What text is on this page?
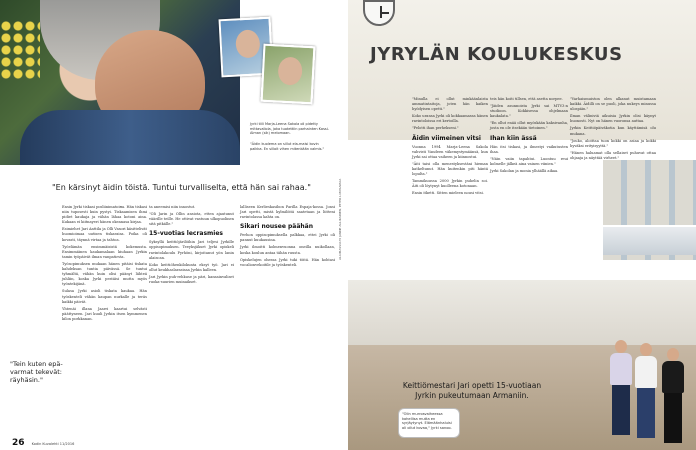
Jyrki tiili Marja-Leena Sakola oli pidetty mittavaliola, joka tuotettiin parhainten Kassi-Alman (sik) melomaan.
"Äidin kuolema on sillut ela-maisi kovin paikka. En silloit vihen mitenkään valmis."
"En kärsinyt äidin töistä. Tuntui turvalliselta, että hän sai rahaa."

Ensin Jyrki tiskasi posliinimatoiна. Hän tiskasi niin tuposesti kuin pystyi. Tiskaamisen ihmi pidiet kaukaja ja vähän lähaa kotoni aina. Kukaan ei kiitnayeri hänen okeanasa kirjaa.

Esimiehet Jari Anttila ja Olli Vasori käsittelivät huomioimaa uutisen tiskaraisa. Poika oli kovasti, täynnä virtaa ja tahtoa.

Työelämän ensimmäisistä kokemusta. Ensimmäinen kaukamalaan kiuhaan Jyrkin tamin työpäivät ilman vanpatirsta.

Työsopimuksen mukaan hänen pitäisi tiskata kahdeksan tuntia päivässä. Se tuntui tyhmältä, vähän kuin olisi päänyt lähteä juhliin, koska Jyrki pestäisi mutta myös työntekijänä.

Sulasa Jyrki asioli tiskata kaukaa. Hän työskenteli vähän kaupan nurkalle ja teräs kaikki päivät.

Yhtenäi illana Jaarri kaartui selvästi päättyneen. Jari kuuli Jyrkin itsen kymmenen kilon porkkanan.

ta aneemisi niin innostut.

"Oli Jarin ja Ollin ansiota, etten ajautunut väärille teille. He ottivat vastuun ulkopuolinen sitä pitkälle."

15-vuotias lecrasmies

Syksyllä keittiöjärilöihin Jari teljesi Jyrkille oppisopimuksen. Teeyksjäkset Jyrki opiskeli ravintolakoulu Pyrhöni, kirjoitanut yön lanin alaiscan.

Koko keittiöhenkilokunta eksyt työ. Jari ei ollut keukhaslarasisaa Jyrkin kalleen.

Jari Jyrkin puh-rehkuse ja päri, kansainvaliset ruoka-suurien muinaikset.

lalliseen Kerlieskasibon Parilla Espaja-kossa. Jonsi Jari opetti, mistä kylmilöitä saatetaan ja liitteni ravintolassa kahta on.

Sikari nousee päähän

Perhon oppisopimuksella palkkaa, ettei Jyrki oli pannut kuukausina.

Jyrki ilmoitti kolmenvuonna oneilla nuikollaan, koska koulun antaa tähän ruusta.

Opiskelujen ohessa Jyrki tuki töitä. Hän kohtasi vocalionvekoitile ja työskenteli.

"Tein kuten epä-varmat tekevät: räyhäsin."
26 Kodin Kuvalehti 11/2016
ALAIMASSULTII JANNE ALLIKAINEN, PETER LUMISAMAA
JYRYLÄN KOULUKESKUS

"Minulla ei ollut minkäänlaista ammatintaitoja, joten hän kaiken hyödyisen opetti."

Koko uransa Jyrki oli kokkaamassa hänen ravintoloissa eri kertoilla.

"Pelotti ihan perhekseni."

Äidin viimeinen vitsi

Vuonna 1994 Marja-Leena Sakola vahvisti Vandeen väkemystymäänsä, kun Jyrki sai ottaa vaiheen ja kiinnostui.

"Äiti taisi olla menestyksestäni hieman katkeltunut. Hän kuitenkin piti häntä lopulta."

Tammikuussa 2000 Jyrkin puhelin soi. Äiti oli löytynyt kuolleena kotonaan.

Ensin itketti. Sitten mieleen nousi vitsi.

teis hän koiti tillsen, että asetta norpee.

"Jäiden asunnoista Jyrki sai MTV3:n studioon. Kokkisessa ohjelmaan kaukalata."

"En ollut enää ollut myöskään kaksivanha, josta en ole itsekään tietoinen."

Ihan kiin ässä

Hän itsi tiskasi, ja ilmestyi vaikutusten ihaa.

"Näin vaiin tapahtui. Luontuu reui kolmelle jälkeä aina vainen viinien."

Jyrki Sakolan ja monia ylhäällä aikaa.

"Varhaismuiston olen alkanut muistamaan kaikki. Äidilli on se puoli, joka nukeys minussa ulospäin."

Ilman väliniviä aikuisia Jyrkin olisi käynyt huonosti. Nyt on hänen vuoronsa auttaa.

Jyrkin Keittiöpäiväkotia kun käyttämisä olu mukana.

"Jouko, aloittaa tuon kokki on asiaa ja kokki hyväksi erityisyyttä."

"Hänen haluamat olla sellaiset puhuvat ottaa ohjaaja ja näyttää virheet."

Keittiömestari Jari opetti 15-vuotiaan Jyrkin pukeutumaan Armaniin.
"Olin murrosvaiheessa kohellisa mutta en syrjäytynyt. Elämäänhaluisi oli ollut kovaa," Jyrki sanoo.
